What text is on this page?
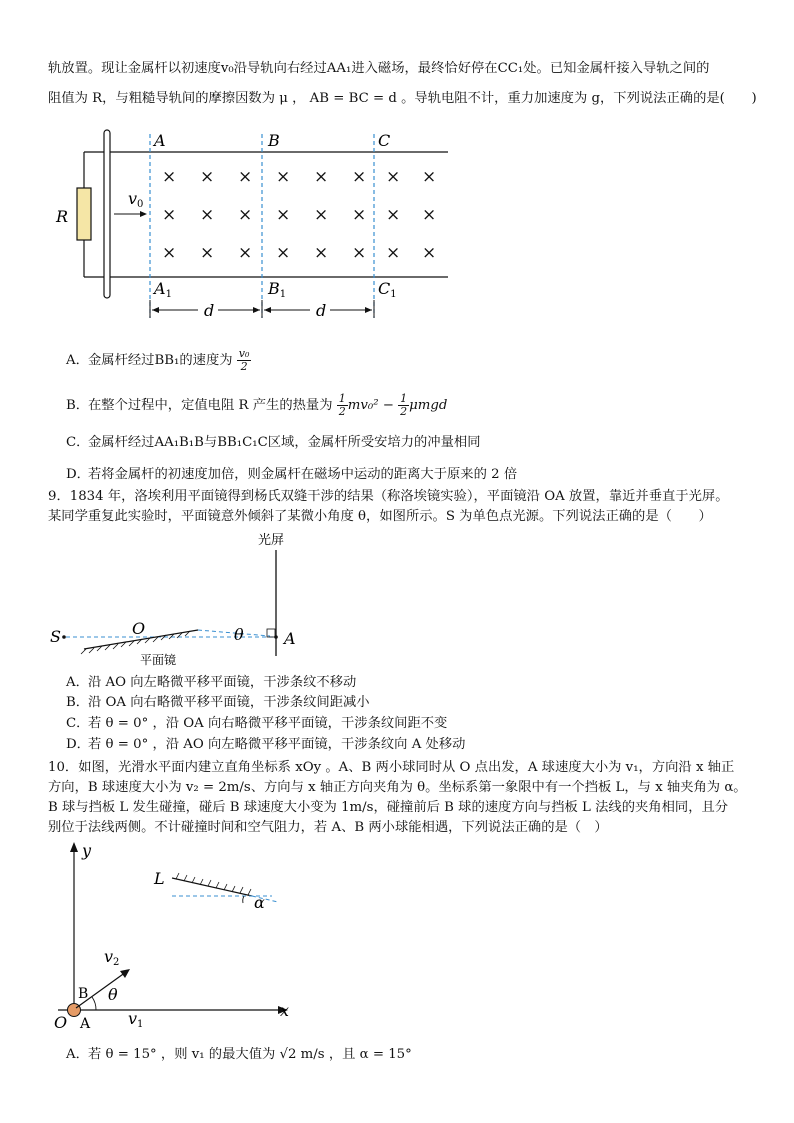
轨放置。现让金属杆以初速度v₀沿导轨向右经过AA₁进入磁场，最终恰好停在CC₁处。已知金属杆接入导轨之间的
阻值为 R，与粗糙导轨间的摩擦因数为 μ ， AB = BC = d 。导轨电阻不计，重力加速度为 g，下列说法正确的是(　　)
R
v0
A	B	C
A1	B1	C1
× × × × × × × ×
× × × × × × × ×
× × × × × × × ×
d	d
A．金属杆经过BB₁的速度为 $\frac{\text{v₀}}{2}$
B．在整个过程中，定值电阻 R 产生的热量为 $\frac{1}{2} mv_0^2 - \frac{1}{2}$ μmgd
C．金属杆经过AA₁B₁B与BB₁C₁C区域，金属杆所受安培力的冲量相同
D．若将金属杆的初速度加倍，则金属杆在磁场中运动的距离大于原来的 2 倍
9．1834 年，洛埃利用平面镜得到杨氏双缝干涉的结果（称洛埃镜实验），平面镜沿 OA 放置，靠近并垂直于光屏。
某同学重复此实验时，平面镜意外倾斜了某微小角度 θ，如图所示。S 为单色点光源。下列说法正确的是（　　）
光屏
S	O	θ	A
平面镜
A．沿 AO 向左略微平移平面镜，干涉条纹不移动
B．沿 OA 向右略微平移平面镜，干涉条纹间距减小
C．若 θ = 0° ，沿 OA 向右略微平移平面镜，干涉条纹间距不变
D．若 θ = 0° ，沿 AO 向左略微平移平面镜，干涉条纹向 A 处移动
10．如图，光滑水平面内建立直角坐标系 xOy 。A、B 两小球同时从 O 点出发，A 球速度大小为 v₁，方向沿 x 轴正
方向，B 球速度大小为 v₂ = 2m/s、方向与 x 轴正方向夹角为 θ。坐标系第一象限中有一个挡板 L，与 x 轴夹角为 α。
B 球与挡板 L 发生碰撞，碰后 B 球速度大小变为 1m/s，碰撞前后 B 球的速度方向与挡板 L 法线的夹角相同，且分
别位于法线两侧。不计碰撞时间和空气阻力，若 A、B 两小球能相遇，下列说法正确的是（　）
y
x
O A
B
v1
v2
θ
L
α
A．若 θ = 15° ，则 v₁ 的最大值为 √2 m/s ，且 α = 15°
